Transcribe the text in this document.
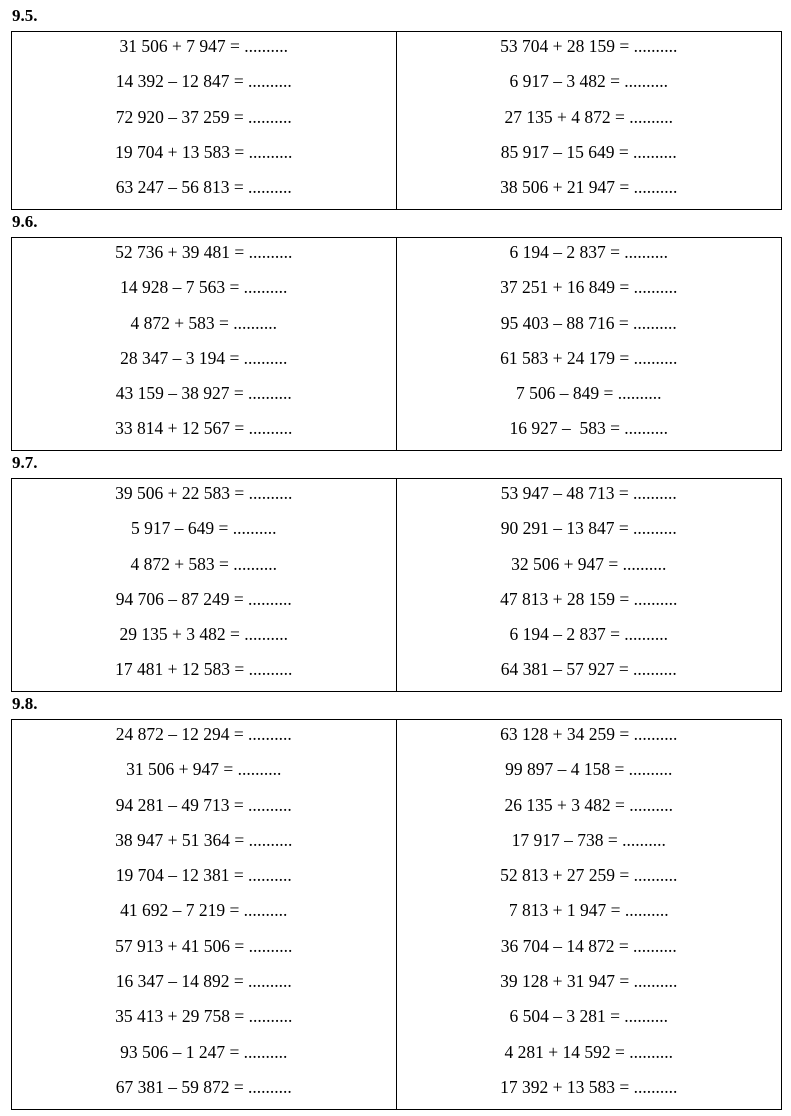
9.5.
31 506 + 7 947 = ..........
14 392 – 12 847 = ..........
72 920 – 37 259 = ..........
19 704 + 13 583 = ..........
63 247 – 56 813 = ..........
53 704 + 28 159 = ..........
6 917 – 3 482 = ..........
27 135 + 4 872 = ..........
85 917 – 15 649 = ..........
38 506 + 21 947 = ..........
9.6.
52 736 + 39 481 = ..........
14 928 – 7 563 = ..........
4 872 + 583 = ..........
28 347 – 3 194 = ..........
43 159 – 38 927 = ..........
33 814 + 12 567 = ..........
6 194 – 2 837 = ..........
37 251 + 16 849 = ..........
95 403 – 88 716 = ..........
61 583 + 24 179 = ..........
7 506 – 849 = ..........
16 927 –  583 = ..........
9.7.
39 506 + 22 583 = ..........
5 917 – 649 = ..........
4 872 + 583 = ..........
94 706 – 87 249 = ..........
29 135 + 3 482 = ..........
17 481 + 12 583 = ..........
53 947 – 48 713 = ..........
90 291 – 13 847 = ..........
32 506 + 947 = ..........
47 813 + 28 159 = ..........
6 194 – 2 837 = ..........
64 381 – 57 927 = ..........
9.8.
24 872 – 12 294 = ..........
31 506 + 947 = ..........
94 281 – 49 713 = ..........
38 947 + 51 364 = ..........
19 704 – 12 381 = ..........
41 692 – 7 219 = ..........
57 913 + 41 506 = ..........
16 347 – 14 892 = ..........
35 413 + 29 758 = ..........
93 506 – 1 247 = ..........
67 381 – 59 872 = ..........
63 128 + 34 259 = ..........
99 897 – 4 158 = ..........
26 135 + 3 482 = ..........
17 917 – 738 = ..........
52 813 + 27 259 = ..........
7 813 + 1 947 = ..........
36 704 – 14 872 = ..........
39 128 + 31 947 = ..........
6 504 – 3 281 = ..........
4 281 + 14 592 = ..........
17 392 + 13 583 = ..........
